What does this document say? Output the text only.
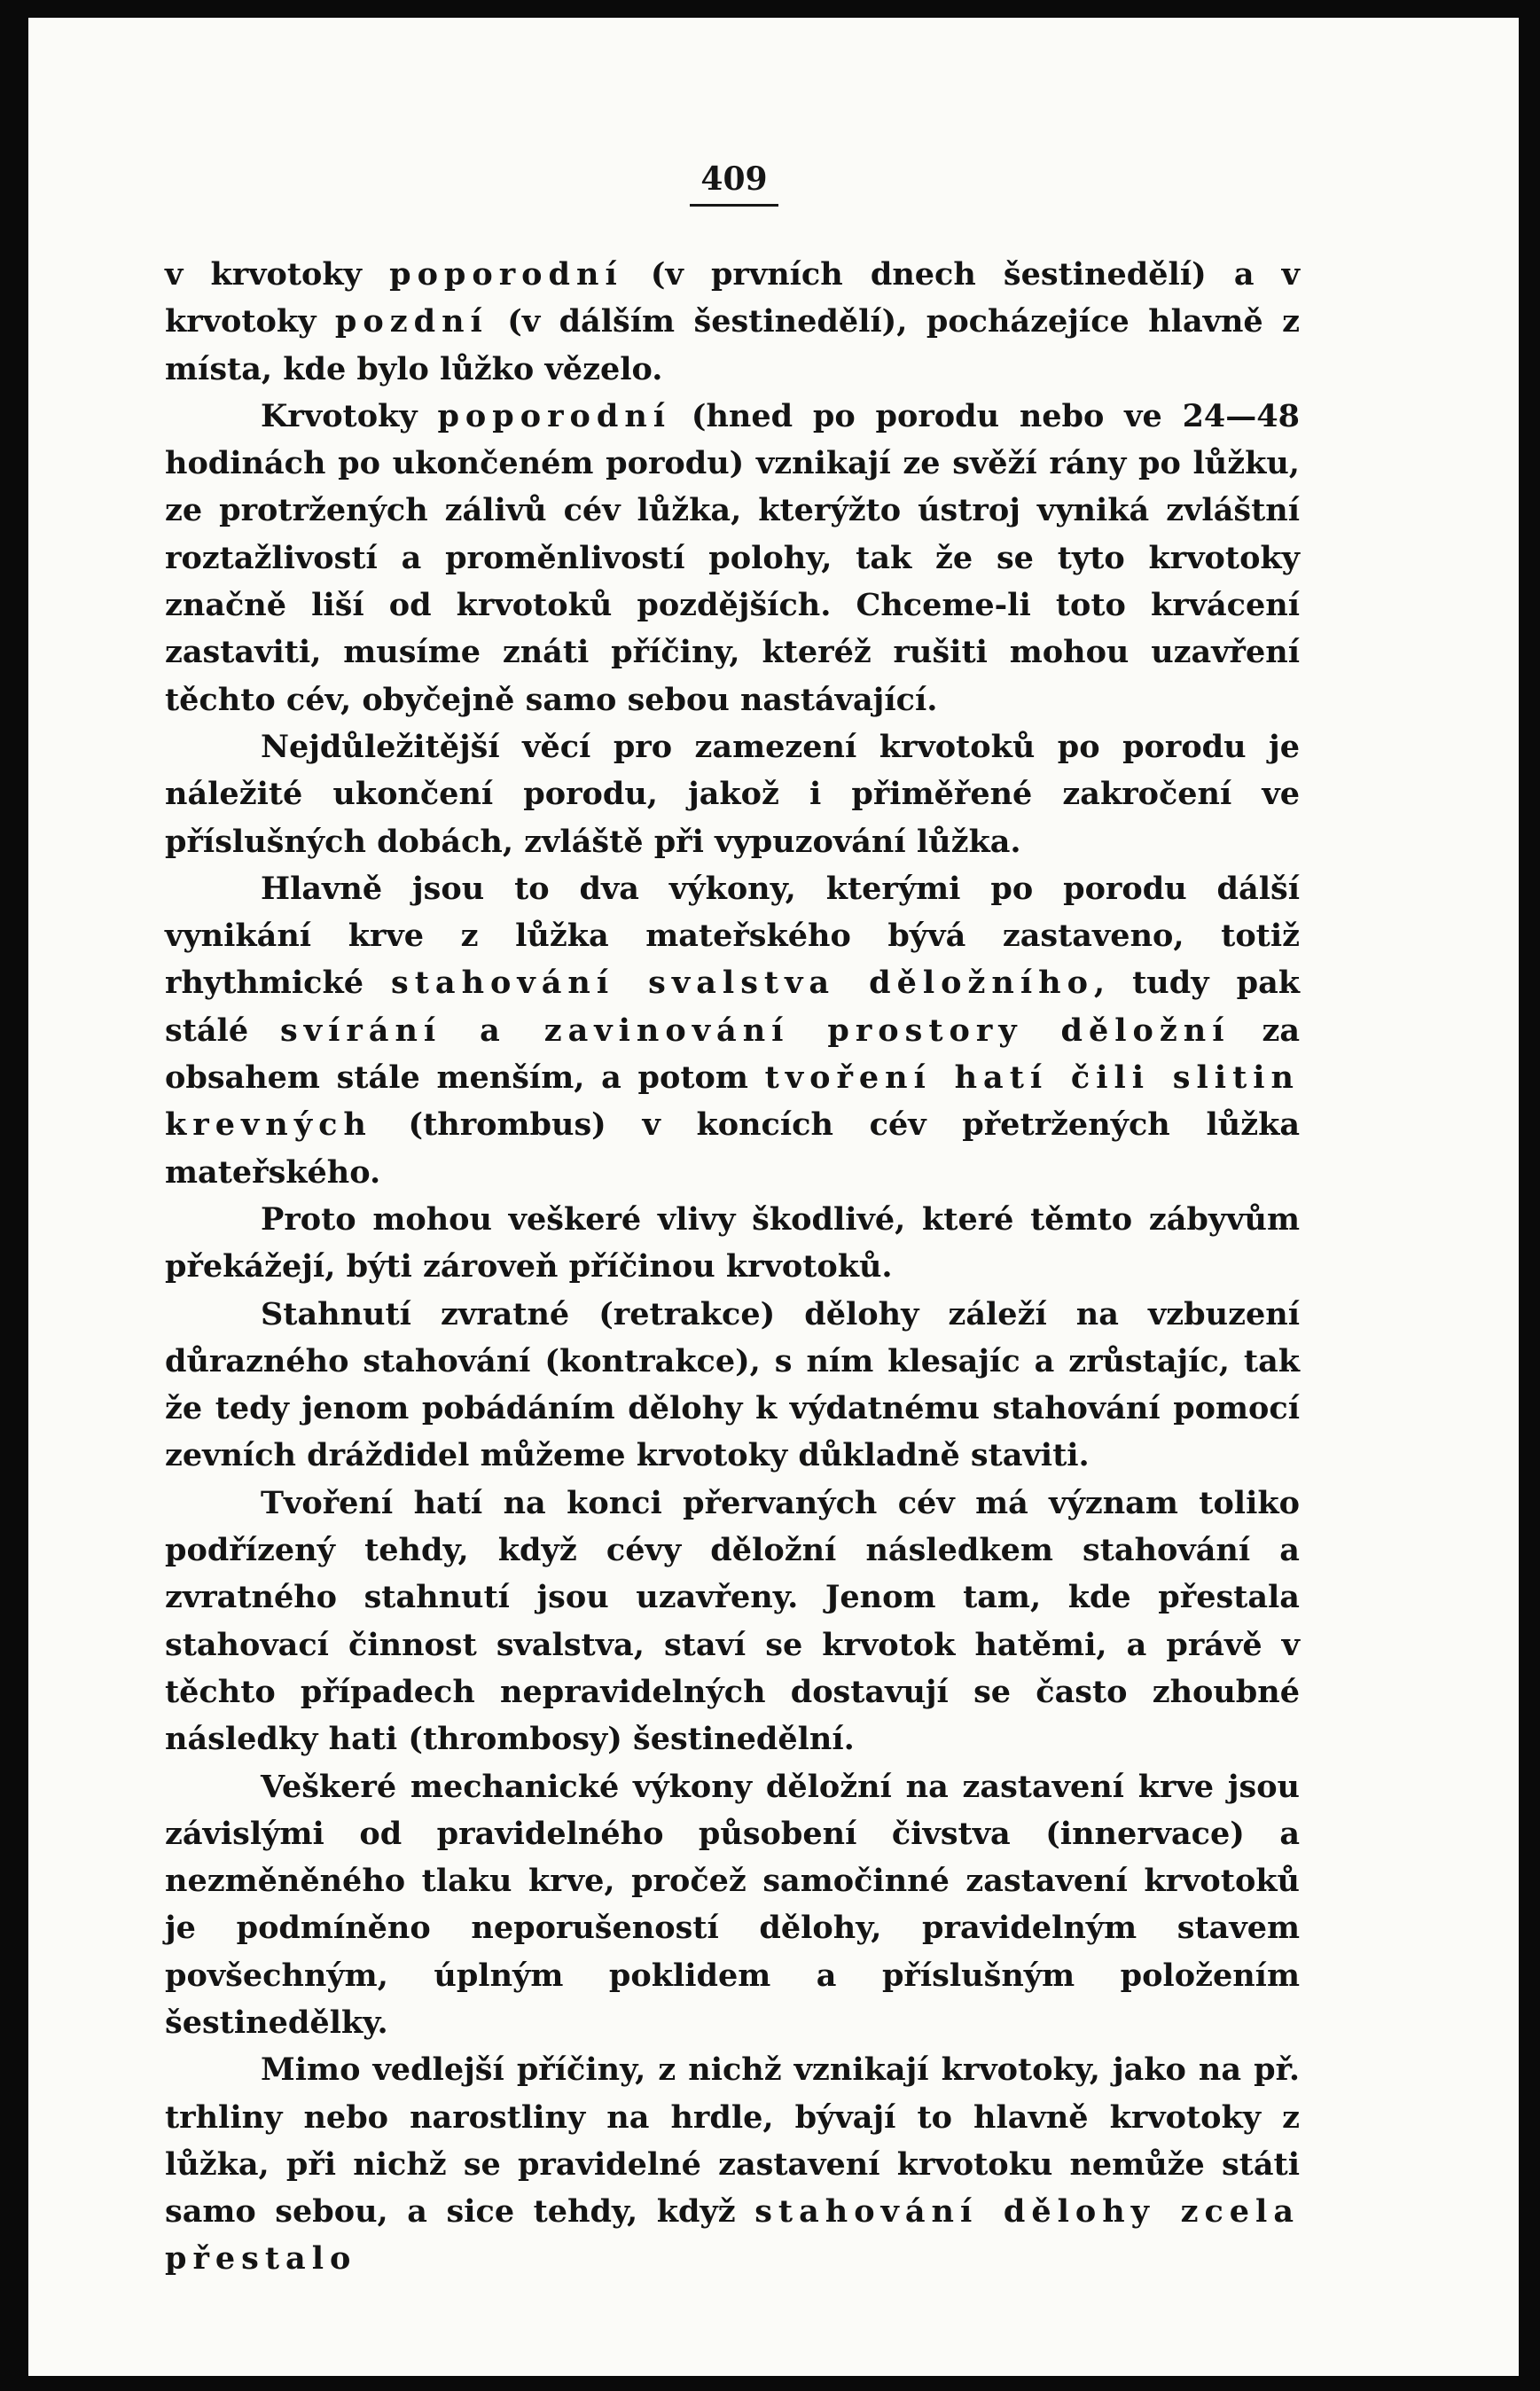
409

v krvotoky poporodní (v prvních dnech šestinedělí) a v krvotoky pozdní (v dálším šestinedělí), pocházejíce hlavně z místa, kde bylo lůžko vězelo.

Krvotoky poporodní (hned po porodu nebo ve 24—48 hodinách po ukončeném porodu) vznikají ze svěží rány po lůžku, ze protržených zálivů cév lůžka, kterýžto ústroj vyniká zvláštní roztažlivostí a proměnlivostí polohy, tak že se tyto krvotoky značně liší od krvotoků pozdějších. Chceme-li toto krvácení zastaviti, musíme znáti příčiny, kteréž rušiti mohou uzavření těchto cév, obyčejně samo sebou nastávající.

Nejdůležitější věcí pro zamezení krvotoků po porodu je náležité ukončení porodu, jakož i přiměřené zakročení ve příslušných dobách, zvláště při vypuzování lůžka.

Hlavně jsou to dva výkony, kterými po porodu dálší vynikání krve z lůžka mateřského bývá zastaveno, totiž rhythmické stahování svalstva děložního, tudy pak stálé svírání a zavinování prostory děložní za obsahem stále menším, a potom tvoření hatí čili slitin krevných (thrombus) v koncích cév přetržených lůžka mateřského.

Proto mohou veškeré vlivy škodlivé, které těmto zábyvům překážejí, býti zároveň příčinou krvotoků.

Stahnutí zvratné (retrakce) dělohy záleží na vzbuzení důrazného stahování (kontrakce), s ním klesajíc a zrůstajíc, tak že tedy jenom pobádáním dělohy k výdatnému stahování pomocí zevních dráždidel můžeme krvotoky důkladně staviti.

Tvoření hatí na konci přervaných cév má význam toliko podřízený tehdy, když cévy děložní následkem stahování a zvratného stahnutí jsou uzavřeny. Jenom tam, kde přestala stahovací činnost svalstva, staví se krvotok hatěmi, a právě v těchto případech nepravidelných dostavují se často zhoubné následky hati (thrombosy) šestinedělní.

Veškeré mechanické výkony děložní na zastavení krve jsou závislými od pravidelného působení čivstva (innervace) a nezměněného tlaku krve, pročež samočinné zastavení krvotoků je podmíněno neporušeností dělohy, pravidelným stavem povšechným, úplným poklidem a příslušným položením šestinedělky.

Mimo vedlejší příčiny, z nichž vznikají krvotoky, jako na př. trhliny nebo narostliny na hrdle, bývají to hlavně krvotoky z lůžka, při nichž se pravidelné zastavení krvotoku nemůže státi samo sebou, a sice tehdy, když stahování dělohy zcela přestalo
